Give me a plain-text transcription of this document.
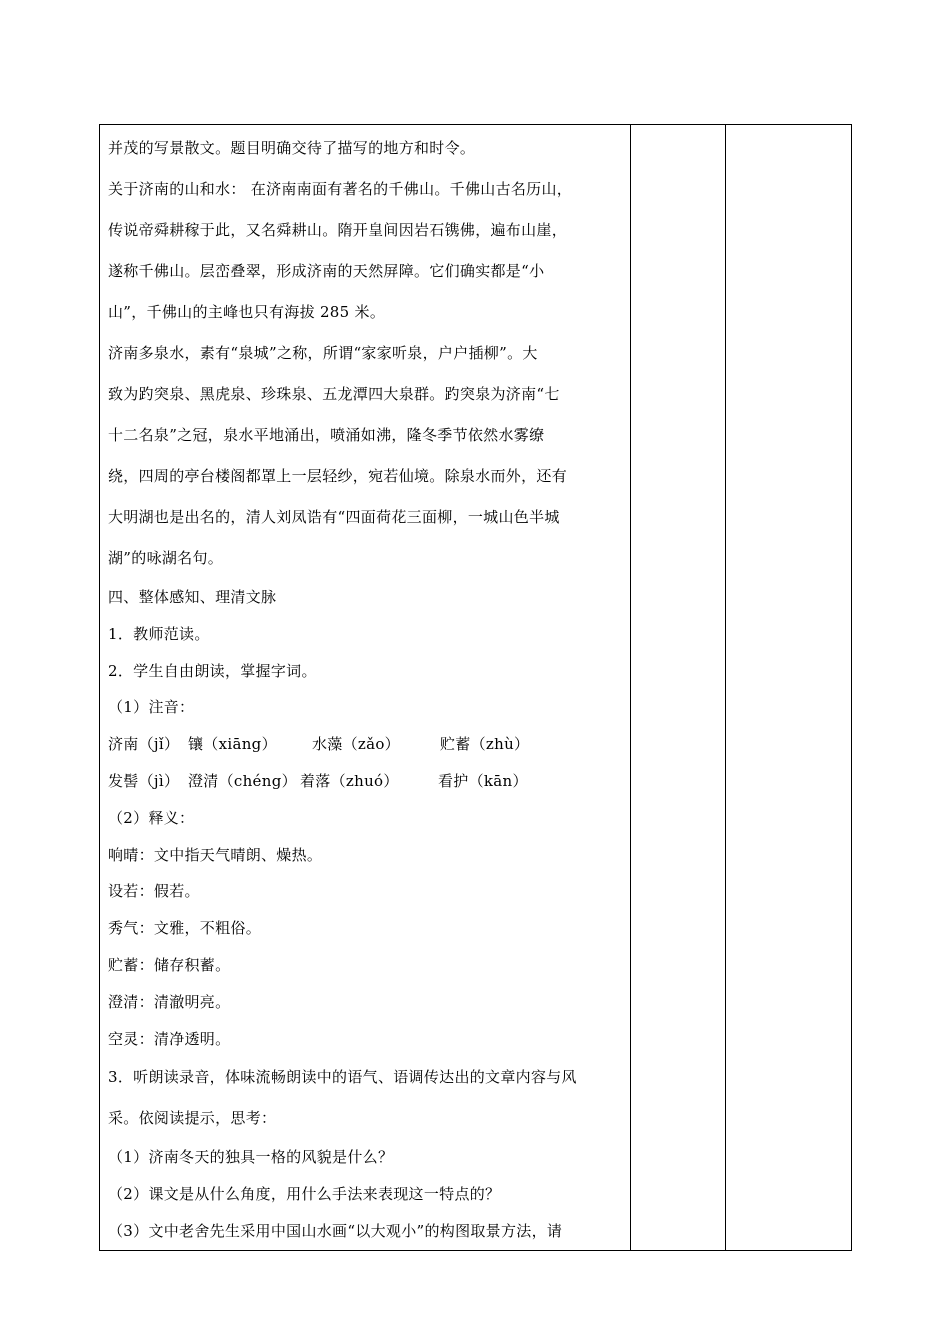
并茂的写景散文。题目明确交待了描写的地方和时令。

关于济南的山和水： 在济南南面有著名的千佛山。千佛山古名历山，

传说帝舜耕稼于此，又名舜耕山。隋开皇间因岩石镌佛，遍布山崖，

遂称千佛山。层峦叠翠，形成济南的天然屏障。它们确实都是“小

山”，千佛山的主峰也只有海拔 285 米。

济南多泉水，素有“泉城”之称，所谓“家家听泉，户户插柳”。大

致为趵突泉、黑虎泉、珍珠泉、五龙潭四大泉群。趵突泉为济南“七

十二名泉”之冠，泉水平地涌出，喷涌如沸，隆冬季节依然水雾缭

绕，四周的亭台楼阁都罩上一层轻纱，宛若仙境。除泉水而外，还有

大明湖也是出名的，清人刘凤诰有“四面荷花三面柳，一城山色半城

湖”的咏湖名句。

四、整体感知、理清文脉

1．教师范读。

2．学生自由朗读，掌握字词。

（1）注音：

济南（jǐ） 镶（xiāng） 水藻（zǎo）	贮蓄（zhù）

发髻（jì） 澄清（chéng） 着落（zhuó）	看护（kān）

（2）释义：

响晴：文中指天气晴朗、燥热。

设若：假若。

秀气：文雅，不粗俗。

贮蓄：储存积蓄。

澄清：清澈明亮。

空灵：清净透明。

3．听朗读录音，体味流畅朗读中的语气、语调传达出的文章内容与风

采。依阅读提示，思考：

（1）济南冬天的独具一格的风貌是什么？

（2）课文是从什么角度，用什么手法来表现这一特点的？

（3）文中老舍先生采用中国山水画“以大观小”的构图取景方法，请
